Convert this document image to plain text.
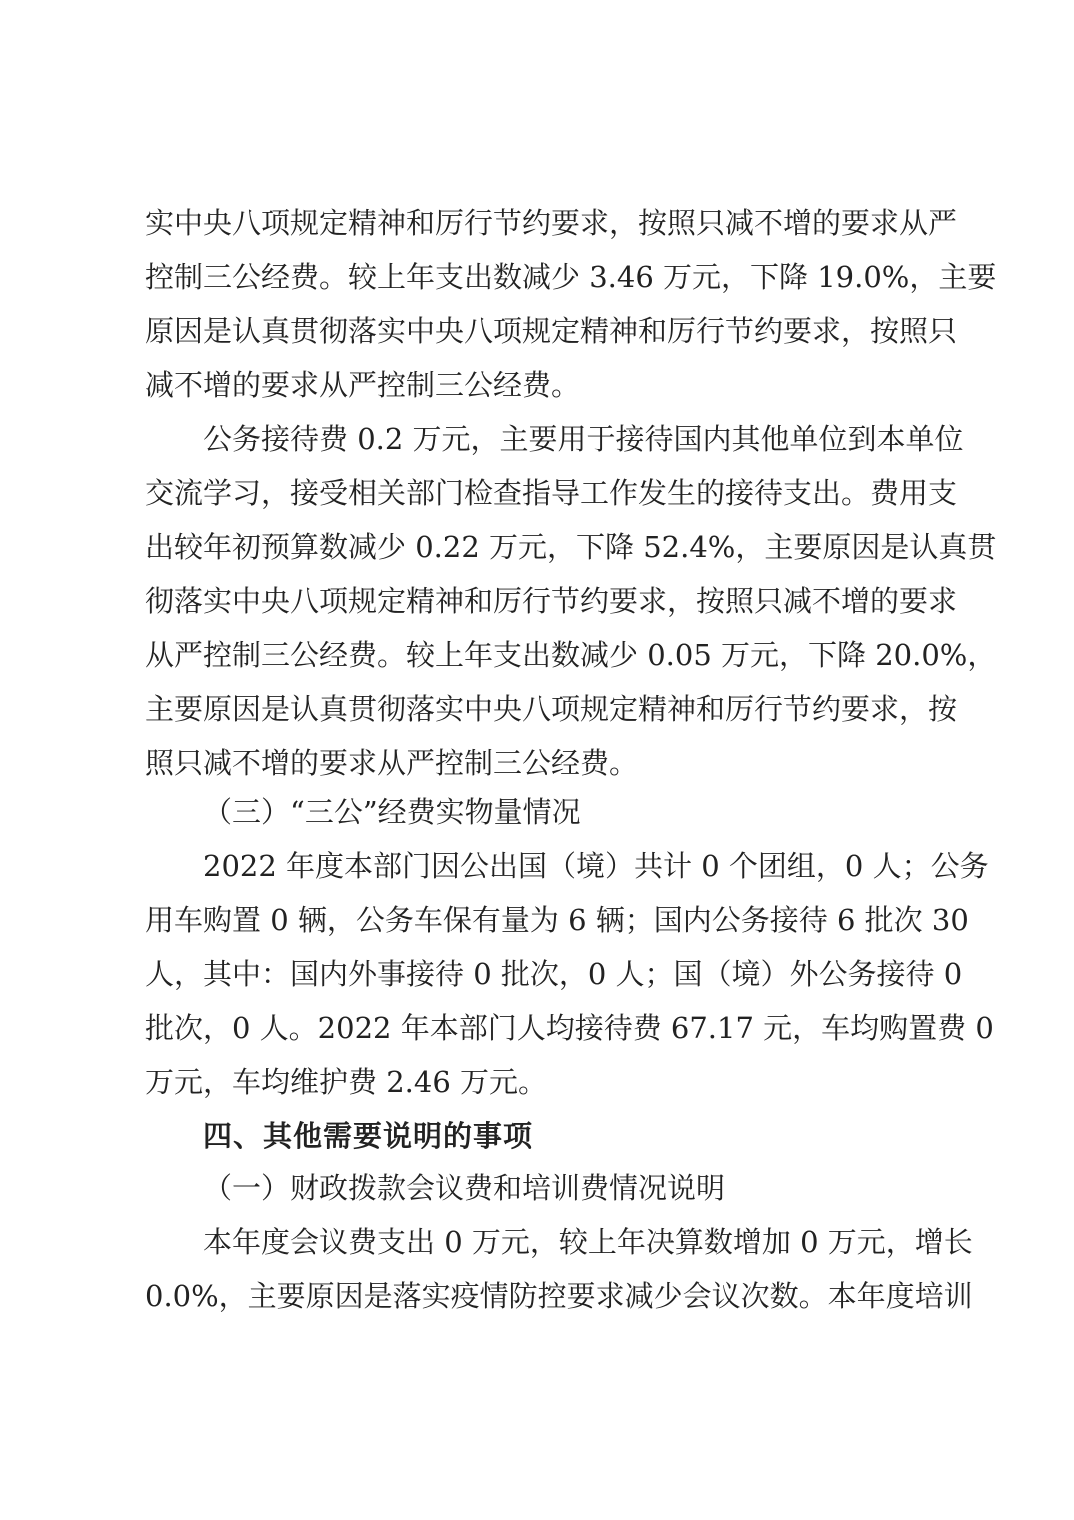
实中央八项规定精神和厉行节约要求，按照只减不增的要求从严
控制三公经费。较上年支出数减少 3.46 万元，下降 19.0%，主要
原因是认真贯彻落实中央八项规定精神和厉行节约要求，按照只
减不增的要求从严控制三公经费。
公务接待费 0.2 万元，主要用于接待国内其他单位到本单位
交流学习，接受相关部门检查指导工作发生的接待支出。费用支
出较年初预算数减少 0.22 万元，下降 52.4%，主要原因是认真贯
彻落实中央八项规定精神和厉行节约要求，按照只减不增的要求
从严控制三公经费。较上年支出数减少 0.05 万元，下降 20.0%，
主要原因是认真贯彻落实中央八项规定精神和厉行节约要求，按
照只减不增的要求从严控制三公经费。
（三）“三公”经费实物量情况
2022 年度本部门因公出国（境）共计 0 个团组，0 人；公务
用车购置 0 辆，公务车保有量为 6 辆；国内公务接待 6 批次 30
人，其中：国内外事接待 0 批次，0 人；国（境）外公务接待 0
批次，0 人。2022 年本部门人均接待费 67.17 元，车均购置费 0
万元，车均维护费 2.46 万元。
四、其他需要说明的事项
（一）财政拨款会议费和培训费情况说明
本年度会议费支出 0 万元，较上年决算数增加 0 万元，增长
0.0%，主要原因是落实疫情防控要求减少会议次数。本年度培训
